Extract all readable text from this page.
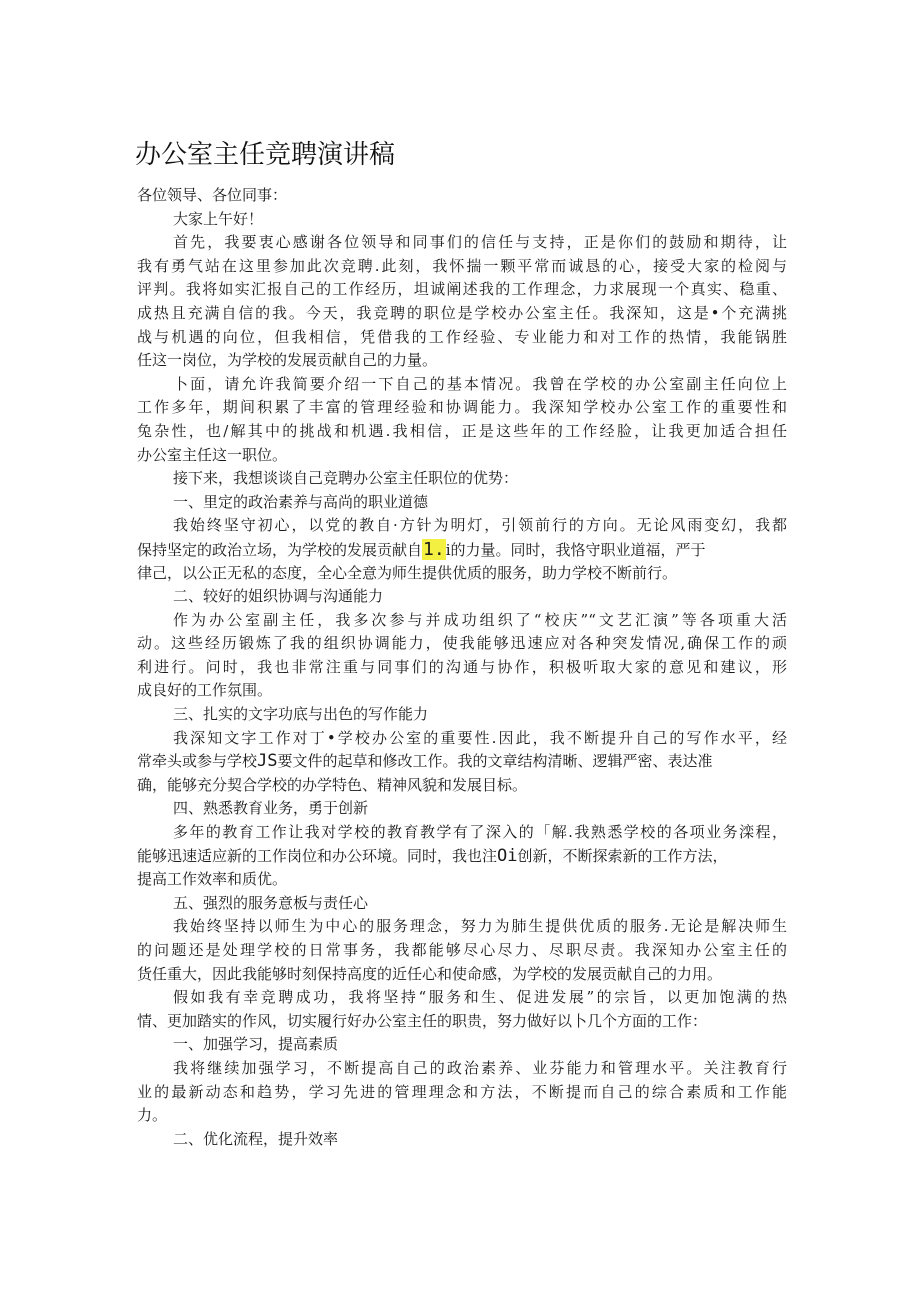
办公室主任竞聘演讲稿
各位领导、各位同事：
大家上午好！
首先，我要衷心感谢各位领导和同事们的信任与支持，正是你们的鼓励和期待，让
我有勇气站在这里参加此次竞聘.此刻，我怀揣一颗平常而诚恳的心，接受大家的检阅与
评判。我将如实汇报自己的工作经历，坦诚阐述我的工作理念，力求展现一个真实、稳重、
成热且充满自信的我。今天，我竞聘的职位是学校办公室主任。我深知，这是•个充满挑
战与机遇的向位，但我相信，凭借我的工作经验、专业能力和对工作的热情，我能锅胜
任这一岗位，为学校的发展贡献自己的力量。
卜面，请允许我简要介绍一下自己的基本情况。我曾在学校的办公室副主任向位上
工作多年，期间积累了丰富的管理经验和协调能力。我深知学校办公室工作的重要性和
兔杂性，也/解其中的挑战和机遇.我相信，正是这些年的工作经脸，让我更加适合担任
办公室主任这一职位。
接下来，我想谈谈自己竞聘办公室主任职位的优势：
一、里定的政治素养与高尚的职业道德
我始终坚守初心，以党的教自·方针为明灯，引领前行的方向。无论风雨变幻，我都
保持坚定的政治立场，为学校的发展贡献自1.i的力量。同时，我恪守职业道福，严于
律己，以公正无私的态度，全心全意为师生提供优质的服务，助力学校不断前行。
二、较好的姐织协调与沟通能力
作为办公室副主任，我多次参与并成功组织了“校庆”“文艺汇演”等各项重大活
动。这些经历锻炼了我的组织协调能力，使我能够迅速应对各种突发情况,确保工作的顽
利进行。问时，我也非常注重与同事们的沟通与协作，积极听取大家的意见和建议，形
成良好的工作氛围。
三、扎实的文字功底与出色的写作能力
我深知文字工作对丁•学校办公室的重要性.因此，我不断提升自己的写作水平，经
常牵头或参与学校JS要文件的起草和修改工作。我的文章结构清晰、逻辑严密、表达准
确，能够充分契合学校的办学特色、精神风貌和发展目标。
四、熟悉教育业务，勇于创新
多年的教育工作让我对学校的教育教学有了深入的「解.我熟悉学校的各项业务滦程，
能够迅速适应新的工作岗位和办公环境。同时，我也注Oi创新，不断探索新的工作方法，
提高工作效率和质优。
五、强烈的服务意板与责任心
我始终坚持以师生为中心的服务理念，努力为肺生提供优质的服务.无论是解决师生
的问题还是处理学校的日常事务，我都能够尽心尽力、尽职尽责。我深知办公室主任的
货任重大，因此我能够时刻保持高度的近任心和使命感，为学校的发展贡献自己的力用。
假如我有幸竞聘成功，我将坚持“服务和生、促进发展”的宗旨，以更加饱满的热
情、更加踏实的作风，切实履行好办公室主任的职贵，努力做好以卜几个方面的工作：
一、加强学习，提高素质
我将继续加强学习，不断提高自己的政治素养、业芬能力和管理水平。关注教育行
业的最新动态和趋势，学习先进的管理理念和方法，不断提而自己的综合素质和工作能
力。
二、优化流程，提升效率
